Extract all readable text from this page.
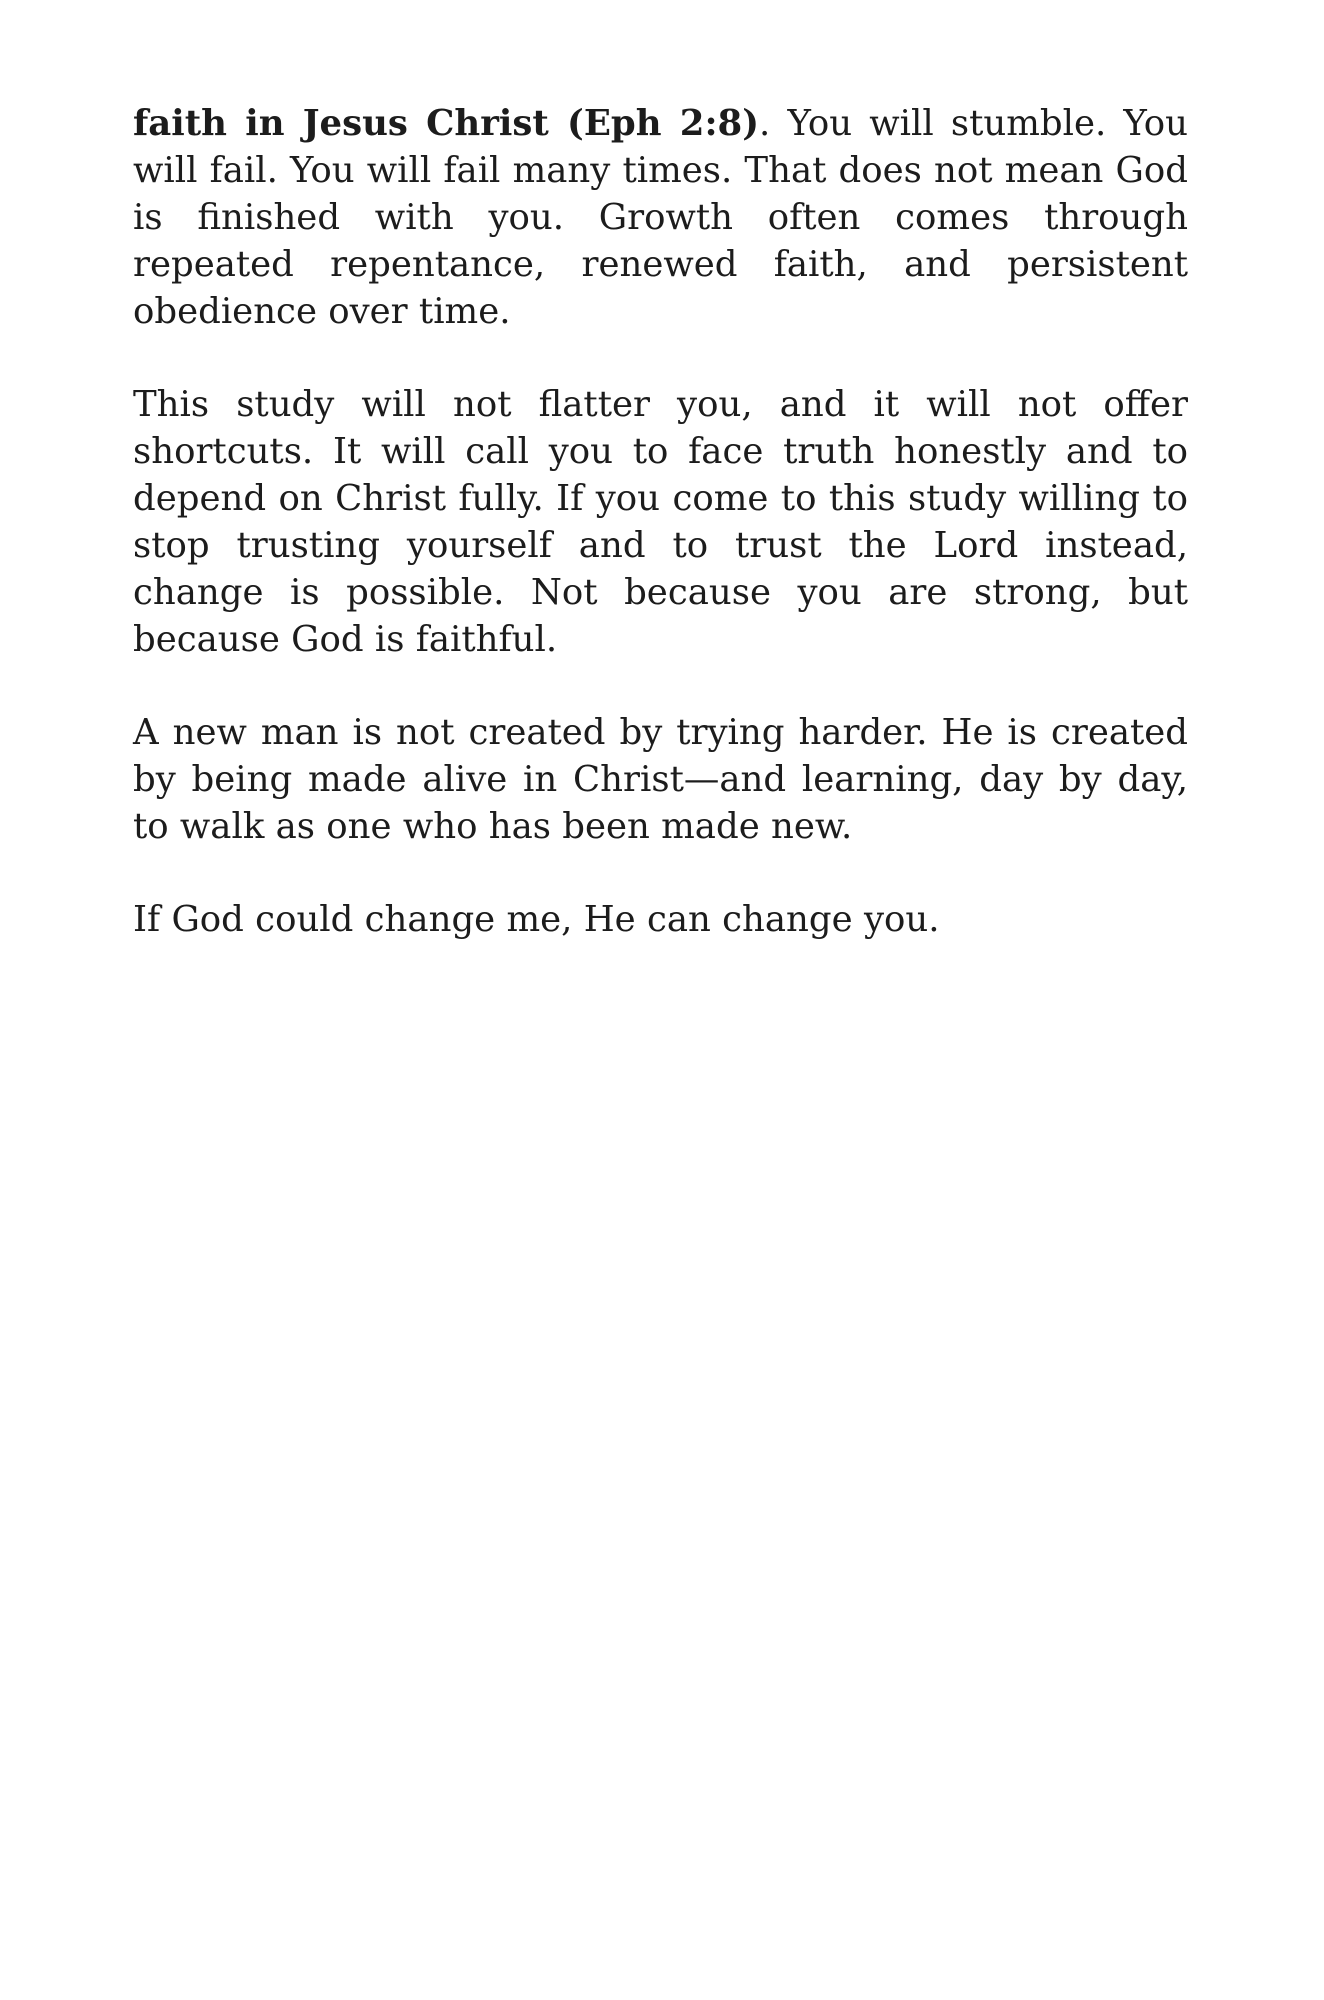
faith in Jesus Christ (Eph 2:8). You will stumble. You will fail. You will fail many times. That does not mean God is finished with you. Growth often comes through repeated repentance, renewed faith, and persistent obedience over time.

This study will not flatter you, and it will not offer shortcuts. It will call you to face truth honestly and to depend on Christ fully. If you come to this study willing to stop trusting yourself and to trust the Lord instead, change is possible. Not because you are strong, but because God is faithful.

A new man is not created by trying harder. He is created by being made alive in Christ—and learning, day by day, to walk as one who has been made new.

If God could change me, He can change you.
